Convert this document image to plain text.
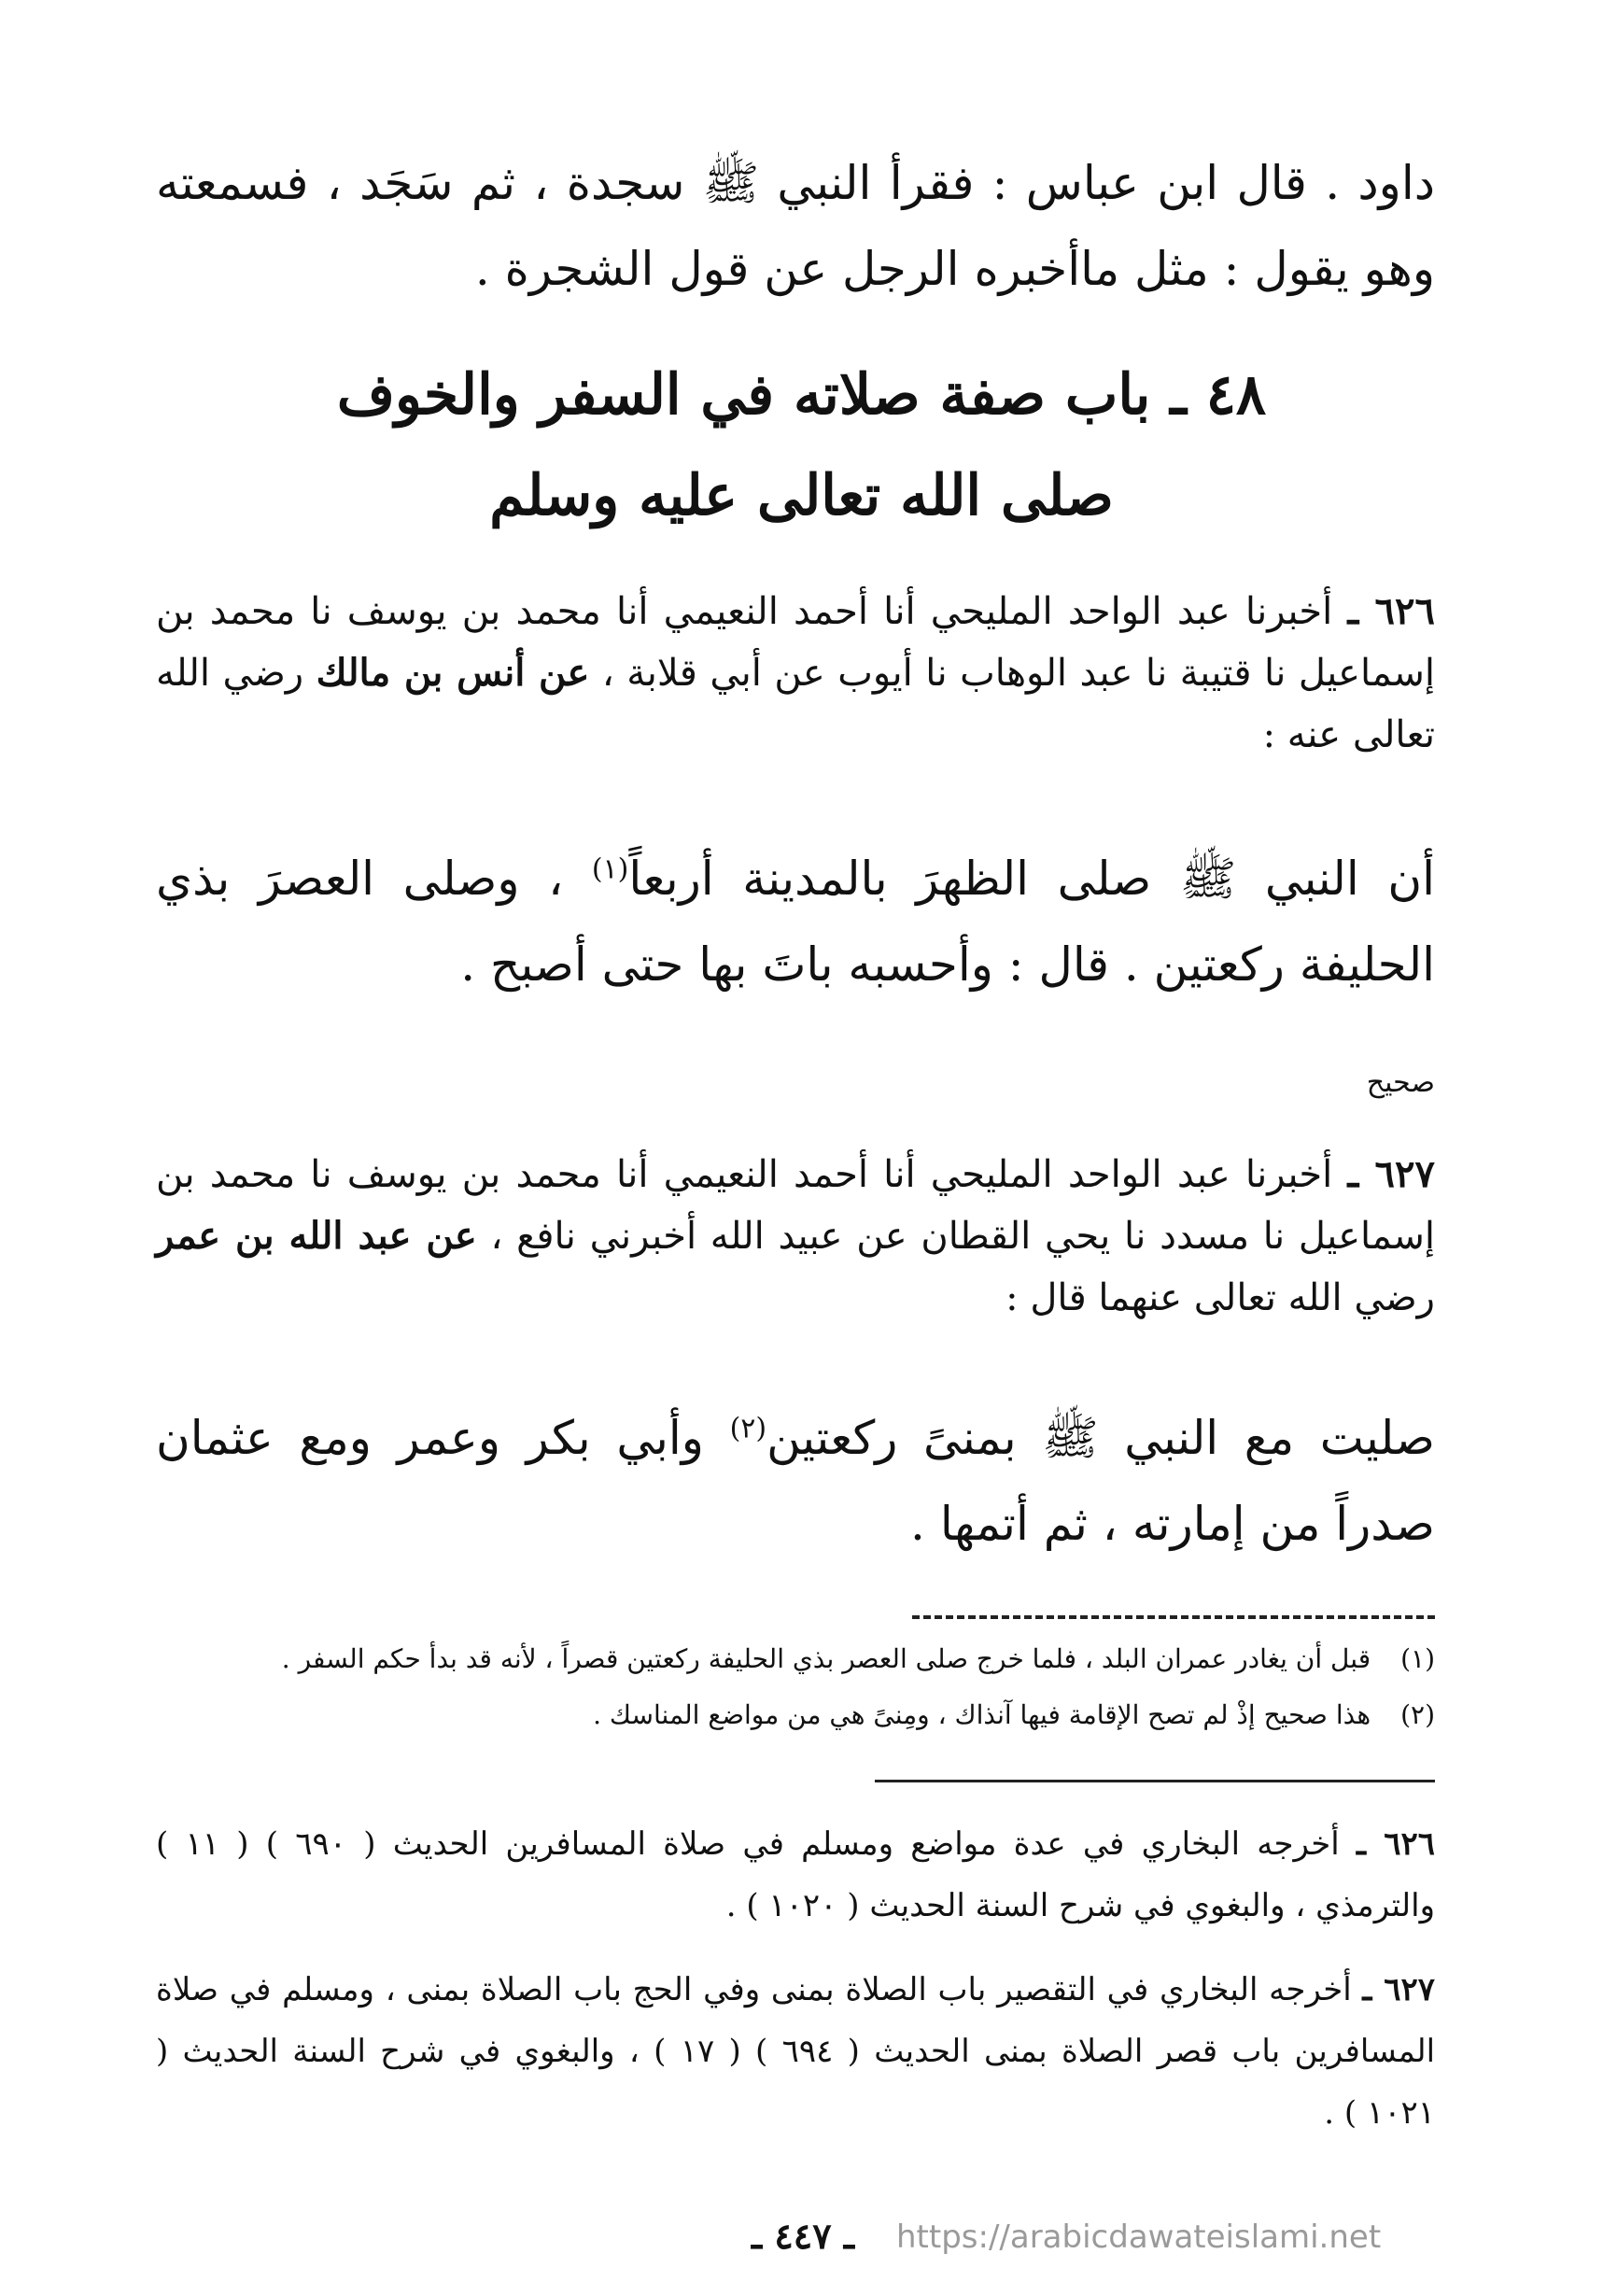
داود . قال ابن عباس : فقرأ النبي ﷺ سجدة ، ثم سَجَد ، فسمعته وهو يقول : مثل ماأخبره الرجل عن قول الشجرة .
٤٨ ـ باب صفة صلاته في السفر والخوف
صلى الله تعالى عليه وسلم
٦٢٦ ـ أخبرنا عبد الواحد المليحي أنا أحمد النعيمي أنا محمد بن يوسف نا محمد بن إسماعيل نا قتيبة نا عبد الوهاب نا أيوب عن أبي قلابة ، عن أنس بن مالك رضي الله تعالى عنه :
أن النبي ﷺ صلى الظهرَ بالمدينة أربعاً$^{(١)}$ ، وصلى العصرَ بذي الحليفة ركعتين . قال : وأحسبه باتَ بها حتى أصبح .
صحيح
٦٢٧ ـ أخبرنا عبد الواحد المليحي أنا أحمد النعيمي أنا محمد بن يوسف نا محمد بن إسماعيل نا مسدد نا يحي القطان عن عبيد الله أخبرني نافع ، عن عبد الله بن عمر رضي الله تعالى عنهما قال :
صليت مع النبي ﷺ بمنىً ركعتين$^{(٢)}$ وأبي بكر وعمر ومع عثمان صدراً من إمارته ، ثم أتمها .
(١) قبل أن يغادر عمران البلد ، فلما خرج صلى العصر بذي الحليفة ركعتين قصراً ، لأنه قد بدأ حكم السفر .
(٢) هذا صحيح إذْ لم تصح الإقامة فيها آنذاك ، ومِنىً هي من مواضع المناسك .
٦٢٦ ـ أخرجه البخاري في عدة مواضع ومسلم في صلاة المسافرين الحديث ( ٦٩٠ ) ( ١١ ) والترمذي ، والبغوي في شرح السنة الحديث ( ١٠٢٠ ) .
٦٢٧ ـ أخرجه البخاري في التقصير باب الصلاة بمنى وفي الحج باب الصلاة بمنى ، ومسلم في صلاة المسافرين باب قصر الصلاة بمنى الحديث ( ٦٩٤ ) ( ١٧ ) ، والبغوي في شرح السنة الحديث ( ١٠٢١ ) .
ـ ٤٤٧ ـ	https://arabicdawateislami.net
